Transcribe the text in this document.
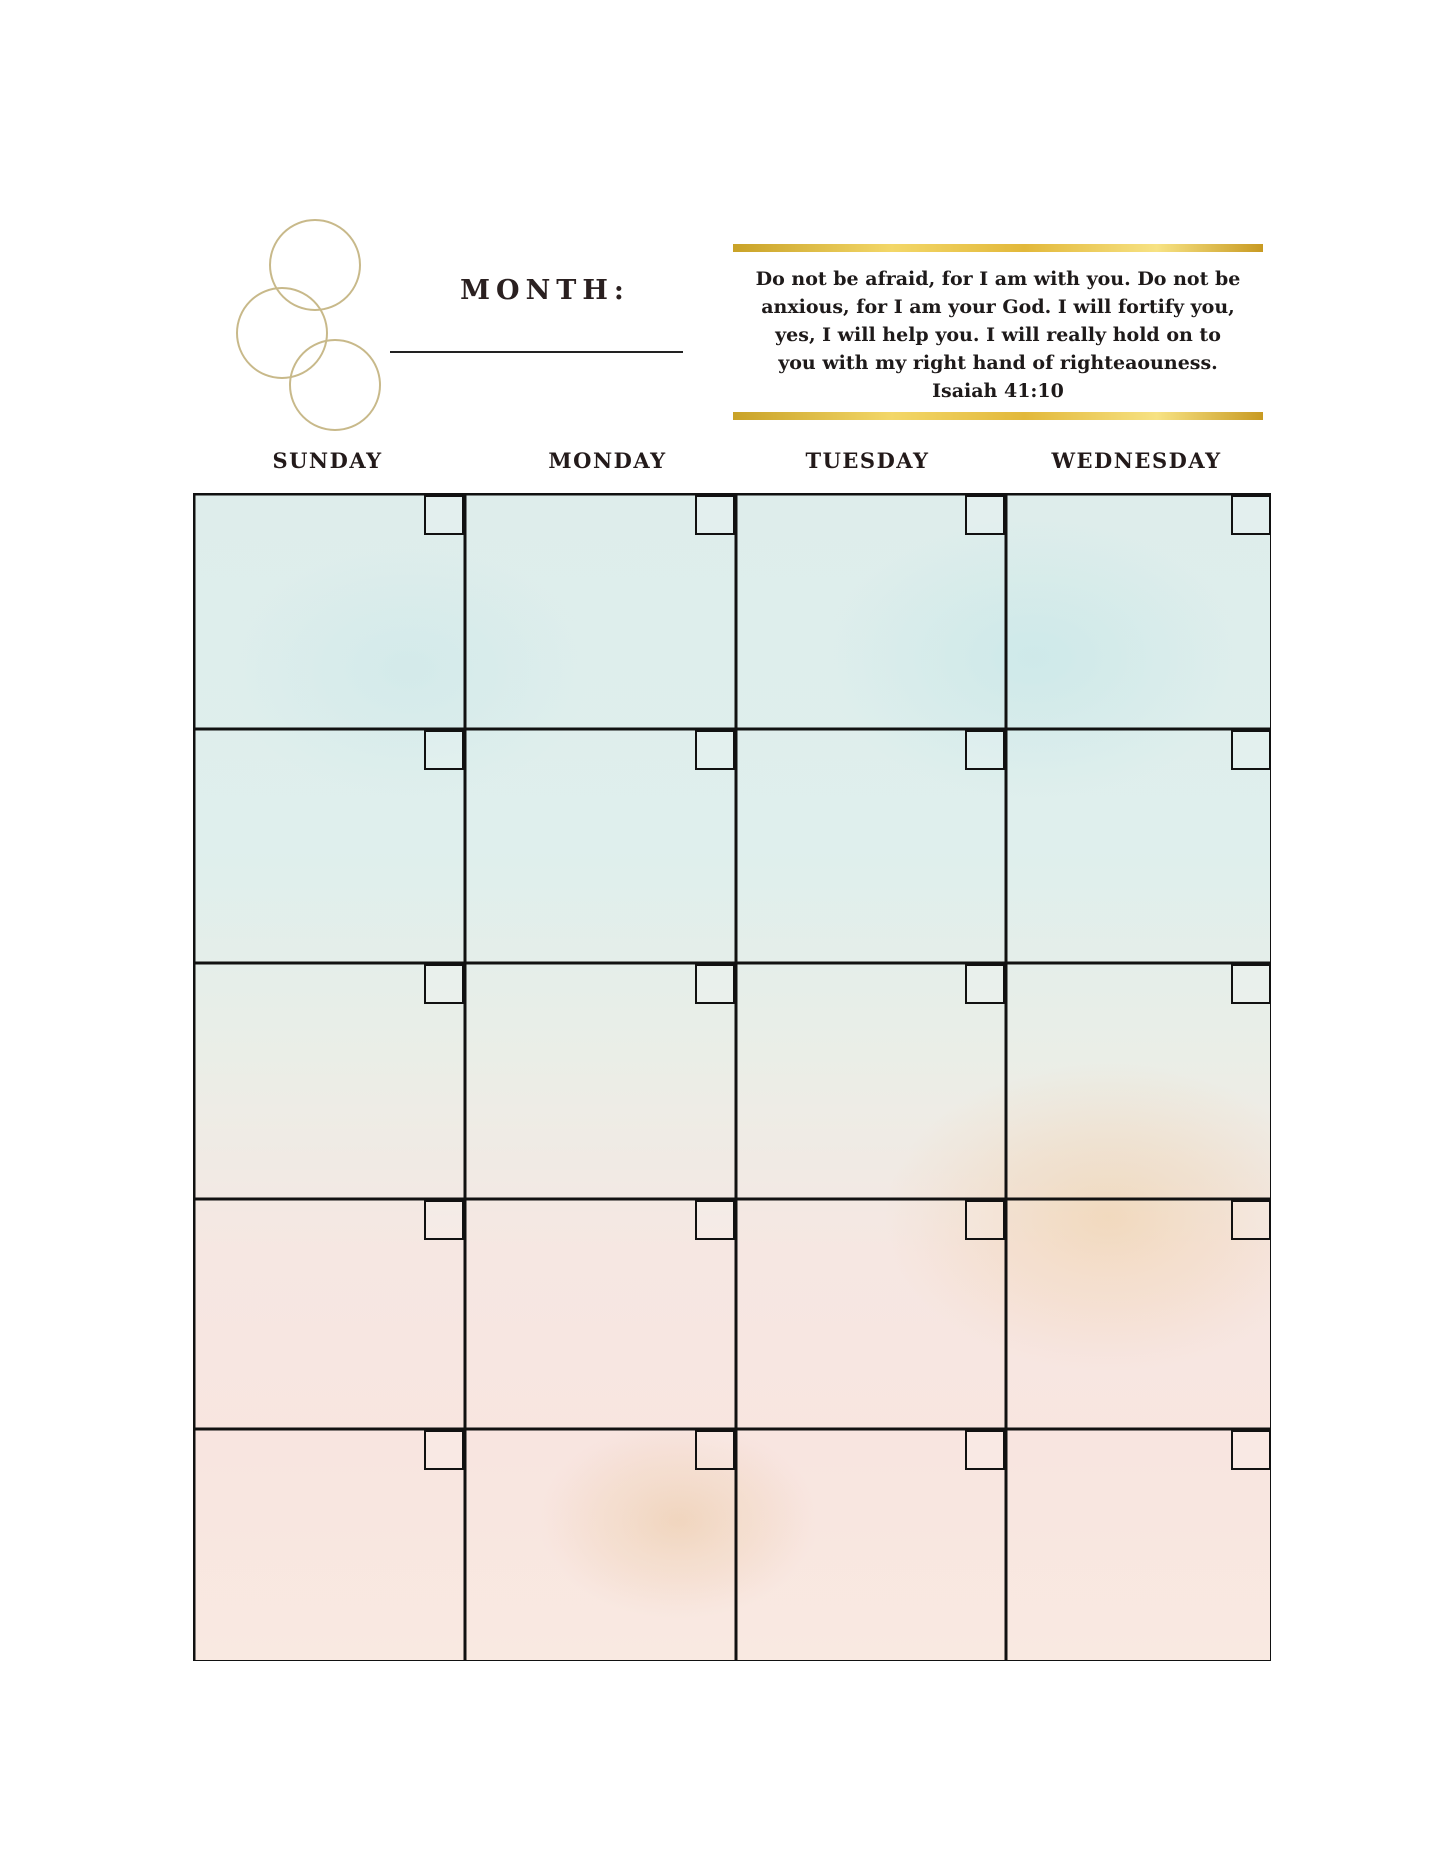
MONTH:	Do not be afraid, for I am with you. Do not be
anxious, for I am your God. I will fortify you,
yes, I will help you. I will really hold on to
you with my right hand of righteaouness.

Isaiah 41:10
SUNDAY	MONDAY	TUESDAY	WEDNESDAY
